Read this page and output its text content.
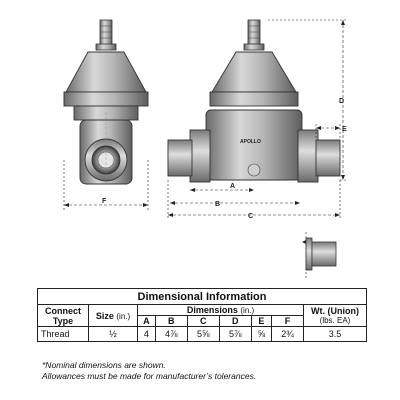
APOLLO
F
A
B
C
D
E
Dimensional Information								
Connect Type	Size (in.)	Dimensions (in.)						Wt. (Union)
(lbs. EA)

		A	B	C	D	E	F	
Thread	½	4	4⅞	5⅝	5⅞	⅝	2¾	3.5
*Nominal dimensions are shown.
Allowances must be made for manufacturer’s tolerances.
